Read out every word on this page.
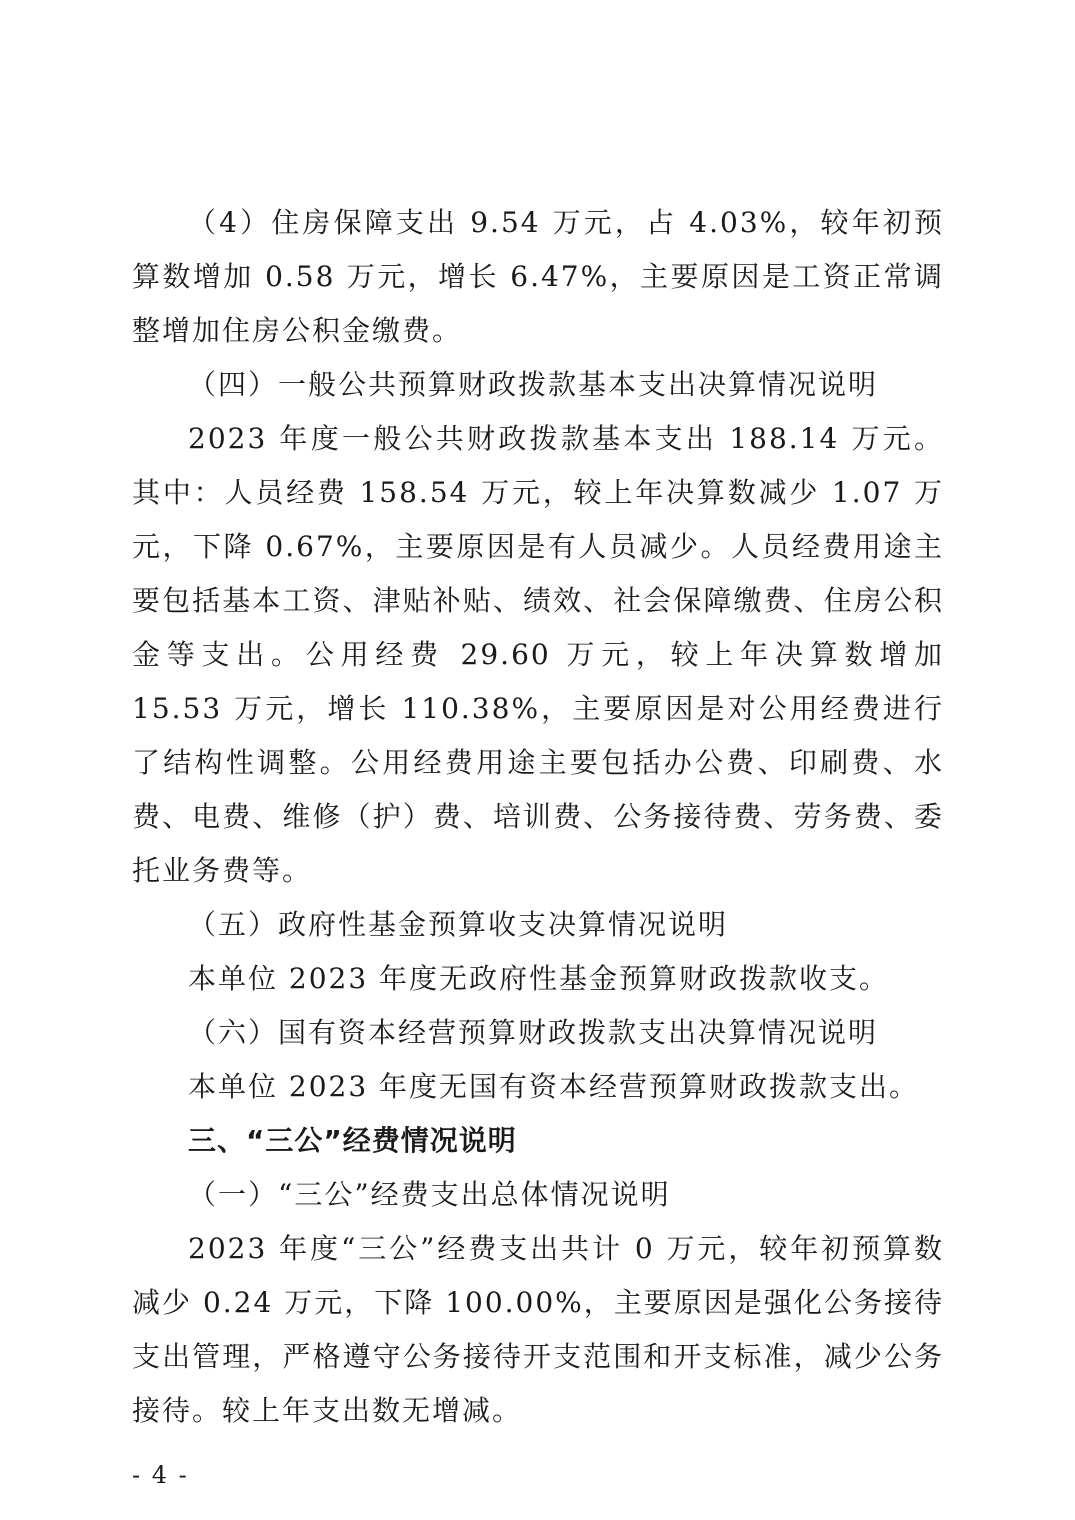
（4）住房保障支出 9.54 万元，占 4.03%，较年初预算数增加 0.58 万元，增长 6.47%，主要原因是工资正常调整增加住房公积金缴费。

（四）一般公共预算财政拨款基本支出决算情况说明

2023 年度一般公共财政拨款基本支出 188.14 万元。其中：人员经费 158.54 万元，较上年决算数减少 1.07 万元，下降 0.67%，主要原因是有人员减少。人员经费用途主要包括基本工资、津贴补贴、绩效、社会保障缴费、住房公积金等支出。公用经费 29.60 万元，较上年决算数增加 15.53 万元，增长 110.38%，主要原因是对公用经费进行了结构性调整。公用经费用途主要包括办公费、印刷费、水费、电费、维修（护）费、培训费、公务接待费、劳务费、委托业务费等。

（五）政府性基金预算收支决算情况说明

本单位 2023 年度无政府性基金预算财政拨款收支。

（六）国有资本经营预算财政拨款支出决算情况说明

本单位 2023 年度无国有资本经营预算财政拨款支出。

三、“三公”经费情况说明

（一）“三公”经费支出总体情况说明

2023 年度“三公”经费支出共计 0 万元，较年初预算数减少 0.24 万元，下降 100.00%，主要原因是强化公务接待支出管理，严格遵守公务接待开支范围和开支标准，减少公务接待。较上年支出数无增减。

- 4 -
